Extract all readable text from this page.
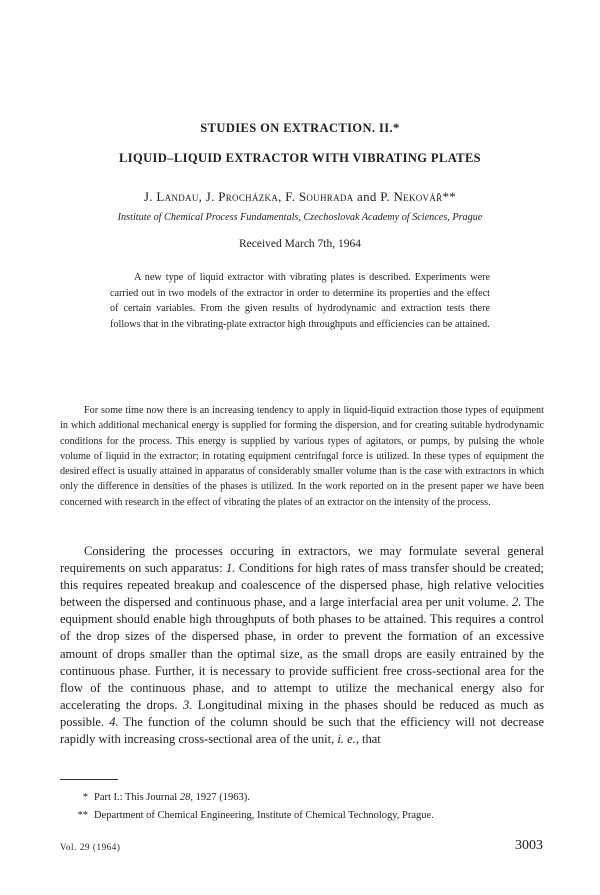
STUDIES ON EXTRACTION. II.*
LIQUID–LIQUID EXTRACTOR WITH VIBRATING PLATES
J. Landau, J. Procházka, F. Souhrada and P. Nekovář**
Institute of Chemical Process Fundamentals, Czechoslovak Academy of Sciences, Prague
Received March 7th, 1964
A new type of liquid extractor with vibrating plates is described. Experiments were carried out in two models of the extractor in order to determine its properties and the effect of certain variables. From the given results of hydrodynamic and extraction tests there follows that in the vibrating-plate extractor high throughputs and efficiencies can be attained.
For some time now there is an increasing tendency to apply in liquid-liquid extraction those types of equipment in which additional mechanical energy is supplied for forming the dispersion, and for creating suitable hydrodynamic conditions for the process. This energy is supplied by various types of agitators, or pumps, by pulsing the whole volume of liquid in the extractor; in rotating equipment centrifugal force is utilized. In these types of equipment the desired effect is usually attained in apparatus of considerably smaller volume than is the case with extractors in which only the difference in densities of the phases is utilized. In the work reported on in the present paper we have been concerned with research in the effect of vibrating the plates of an extractor on the intensity of the process.
Considering the processes occuring in extractors, we may formulate several general requirements on such apparatus: 1. Conditions for high rates of mass transfer should be created; this requires repeated breakup and coalescence of the dispersed phase, high relative velocities between the dispersed and continuous phase, and a large interfacial area per unit volume. 2. The equipment should enable high throughputs of both phases to be attained. This requires a control of the drop sizes of the dispersed phase, in order to prevent the formation of an excessive amount of drops smaller than the optimal size, as the small drops are easily entrained by the continuous phase. Further, it is necessary to provide sufficient free cross-sectional area for the flow of the continuous phase, and to attempt to utilize the mechanical energy also for accelerating the drops. 3. Longitudinal mixing in the phases should be reduced as much as possible. 4. The function of the column should be such that the efficiency will not decrease rapidly with increasing cross-sectional area of the unit, i. e., that
* Part I.: This Journal 28, 1927 (1963).
** Department of Chemical Engineering, Institute of Chemical Technology, Prague.
Vol. 29 (1964)	3003
